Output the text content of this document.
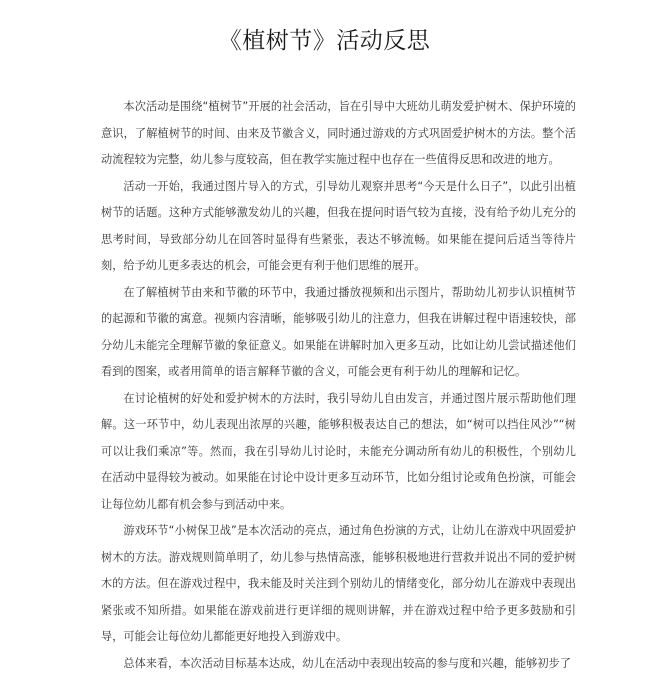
《植树节》活动反思

本次活动是围绕“植树节”开展的社会活动，旨在引导中大班幼儿萌发爱护树木、保护环境的意识，了解植树节的时间、由来及节徽含义，同时通过游戏的方式巩固爱护树木的方法。整个活动流程较为完整，幼儿参与度较高，但在教学实施过程中也存在一些值得反思和改进的地方。

活动一开始，我通过图片导入的方式，引导幼儿观察并思考“今天是什么日子”，以此引出植树节的话题。这种方式能够激发幼儿的兴趣，但我在提问时语气较为直接，没有给予幼儿充分的思考时间，导致部分幼儿在回答时显得有些紧张，表达不够流畅。如果能在提问后适当等待片刻，给予幼儿更多表达的机会，可能会更有利于他们思维的展开。

在了解植树节由来和节徽的环节中，我通过播放视频和出示图片，帮助幼儿初步认识植树节的起源和节徽的寓意。视频内容清晰，能够吸引幼儿的注意力，但我在讲解过程中语速较快，部分幼儿未能完全理解节徽的象征意义。如果能在讲解时加入更多互动，比如让幼儿尝试描述他们看到的图案，或者用简单的语言解释节徽的含义，可能会更有利于幼儿的理解和记忆。

在讨论植树的好处和爱护树木的方法时，我引导幼儿自由发言，并通过图片展示帮助他们理解。这一环节中，幼儿表现出浓厚的兴趣，能够积极表达自己的想法，如“树可以挡住风沙”“树可以让我们乘凉”等。然而，我在引导幼儿讨论时，未能充分调动所有幼儿的积极性，个别幼儿在活动中显得较为被动。如果能在讨论中设计更多互动环节，比如分组讨论或角色扮演，可能会让每位幼儿都有机会参与到活动中来。

游戏环节“小树保卫战”是本次活动的亮点，通过角色扮演的方式，让幼儿在游戏中巩固爱护树木的方法。游戏规则简单明了，幼儿参与热情高涨，能够积极地进行营救并说出不同的爱护树木的方法。但在游戏过程中，我未能及时关注到个别幼儿的情绪变化，部分幼儿在游戏中表现出紧张或不知所措。如果能在游戏前进行更详细的规则讲解，并在游戏过程中给予更多鼓励和引导，可能会让每位幼儿都能更好地投入到游戏中。

总体来看，本次活动目标基本达成，幼儿在活动中表现出较高的参与度和兴趣，能够初步了
